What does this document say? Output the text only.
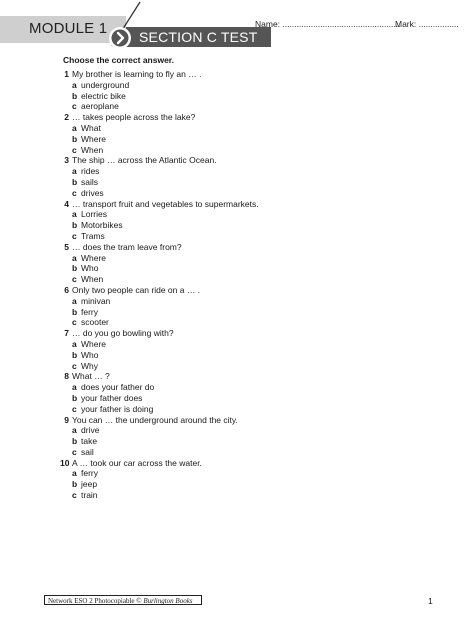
MODULE 1 SECTION C TEST
Name: ..................................................
Mark: .................
Choose the correct answer.
1 My brother is learning to fly an … .
a underground
b electric bike
c aeroplane
2 … takes people across the lake?
a What
b Where
c When
3 The ship … across the Atlantic Ocean.
a rides
b sails
c drives
4 … transport fruit and vegetables to supermarkets.
a Lorries
b Motorbikes
c Trams
5 … does the tram leave from?
a Where
b Who
c When
6 Only two people can ride on a … .
a minivan
b ferry
c scooter
7 … do you go bowling with?
a Where
b Who
c Why
8 What … ?
a does your father do
b your father does
c your father is doing
9 You can … the underground around the city.
a drive
b take
c sail
10 A … took our car across the water.
a ferry
b jeep
c train
Network ESO 2 Photocopiable © Burlington Books	1
